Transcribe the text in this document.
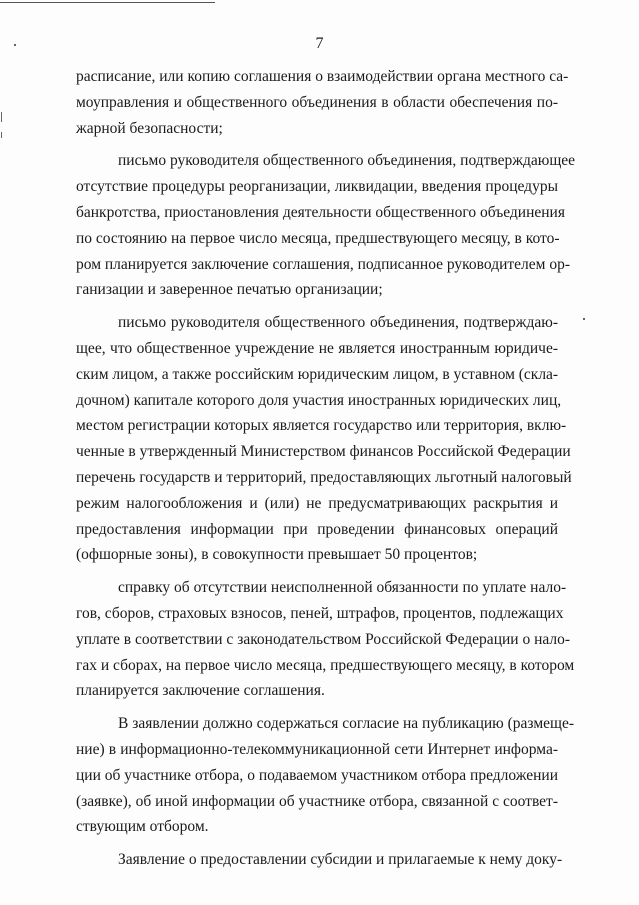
7
расписание, или копию соглашения о взаимодействии органа местного са-
моуправления и общественного объединения в области обеспечения по-
жарной безопасности;
письмо руководителя общественного объединения, подтверждающее
отсутствие процедуры реорганизации, ликвидации, введения процедуры
банкротства, приостановления деятельности общественного объединения
по состоянию на первое число месяца, предшествующего месяцу, в кото-
ром планируется заключение соглашения, подписанное руководителем ор-
ганизации и заверенное печатью организации;
письмо руководителя общественного объединения, подтверждаю-
щее, что общественное учреждение не является иностранным юридиче-
ским лицом, а также российским юридическим лицом, в уставном (скла-
дочном) капитале которого доля участия иностранных юридических лиц,
местом регистрации которых является государство или территория, вклю-
ченные в утвержденный Министерством финансов Российской Федерации
перечень государств и территорий, предоставляющих льготный налоговый
режим налогообложения и (или) не предусматривающих раскрытия и
предоставления информации при проведении финансовых операций
(офшорные зоны), в совокупности превышает 50 процентов;
справку об отсутствии неисполненной обязанности по уплате нало-
гов, сборов, страховых взносов, пеней, штрафов, процентов, подлежащих
уплате в соответствии с законодательством Российской Федерации о нало-
гах и сборах, на первое число месяца, предшествующего месяцу, в котором
планируется заключение соглашения.
В заявлении должно содержаться согласие на публикацию (размеще-
ние) в информационно-телекоммуникационной сети Интернет информа-
ции об участнике отбора, о подаваемом участником отбора предложении
(заявке), об иной информации об участнике отбора, связанной с соответ-
ствующим отбором.
Заявление о предоставлении субсидии и прилагаемые к нему доку-
